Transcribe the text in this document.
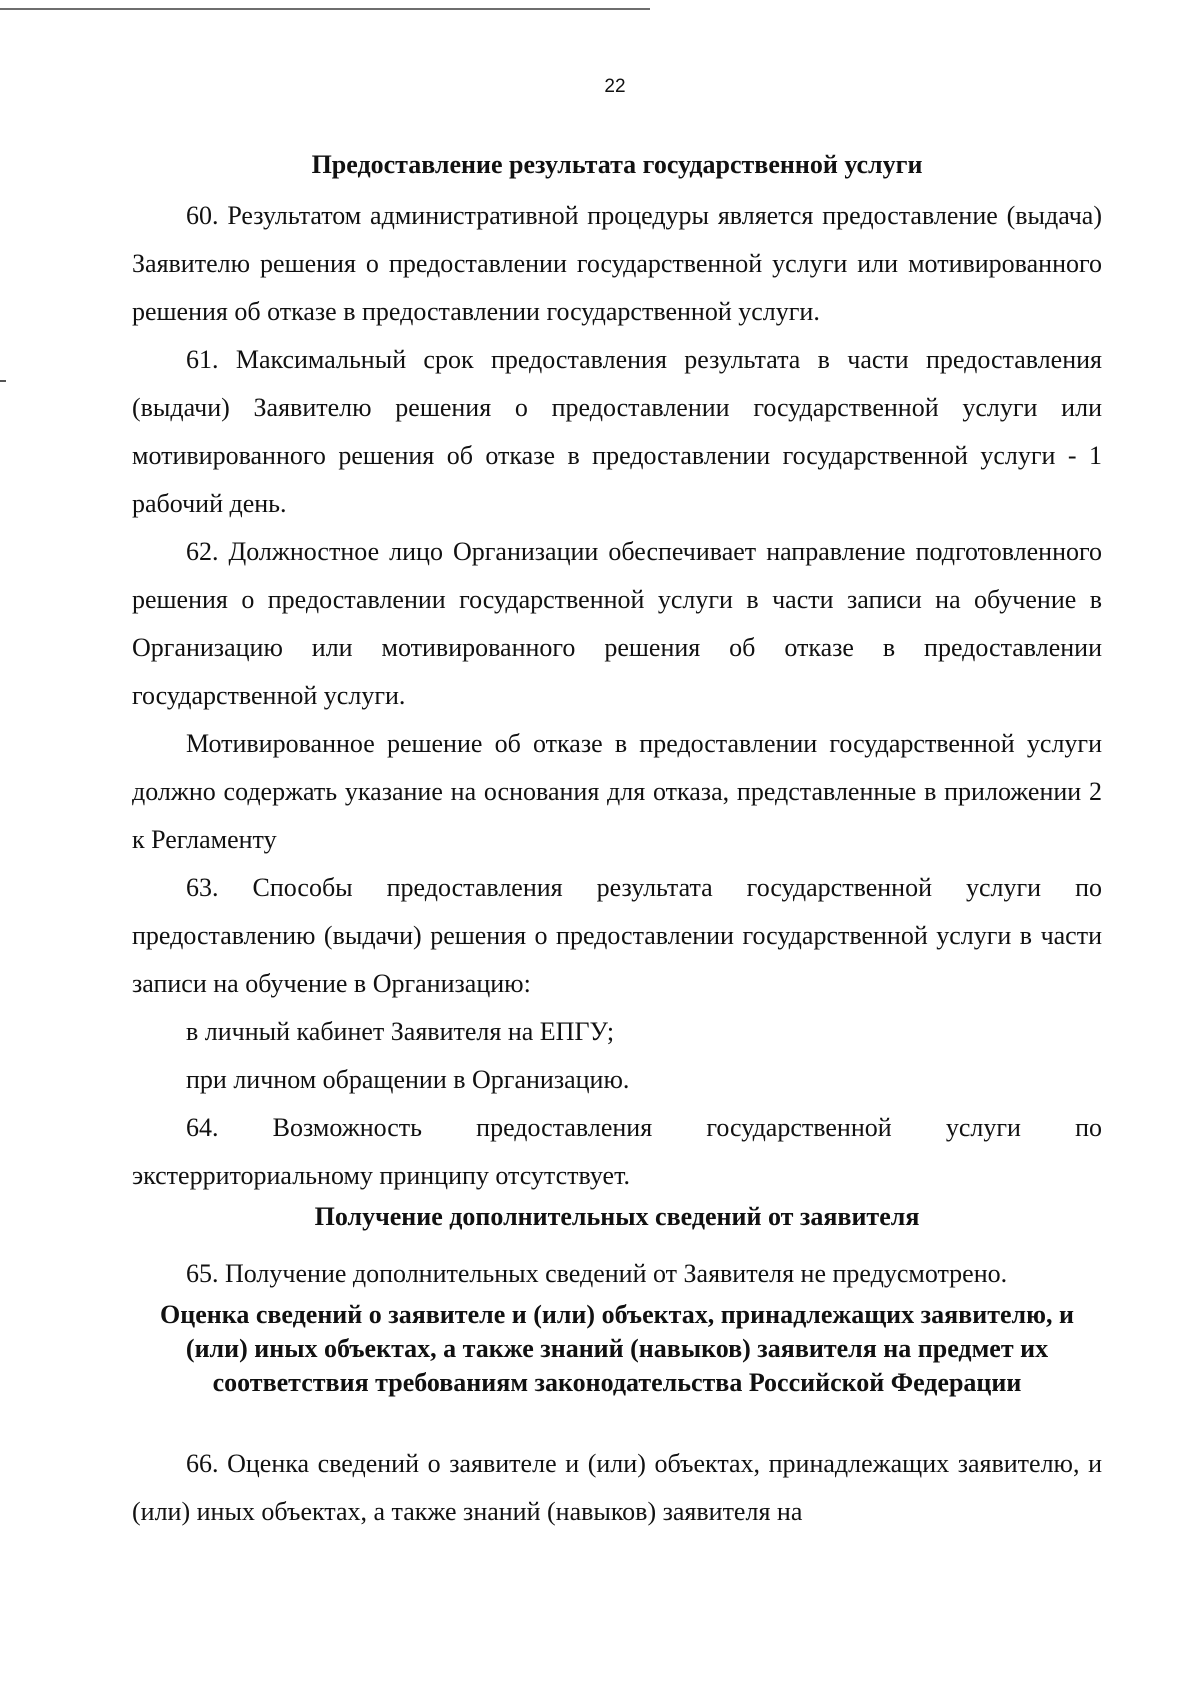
22
Предоставление результата государственной услуги

60. Результатом административной процедуры является предоставление (выдача) Заявителю решения о предоставлении государственной услуги или мотивированного решения об отказе в предоставлении государственной услуги.

61. Максимальный срок предоставления результата в части предоставления (выдачи) Заявителю решения о предоставлении государственной услуги или мотивированного решения об отказе в предоставлении государственной услуги - 1 рабочий день.

62. Должностное лицо Организации обеспечивает направление подготовленного решения о предоставлении государственной услуги в части записи на обучение в Организацию или мотивированного решения об отказе в предоставлении государственной услуги.

Мотивированное решение об отказе в предоставлении государственной услуги должно содержать указание на основания для отказа, представленные в приложении 2 к Регламенту

63. Способы предоставления результата государственной услуги по предоставлению (выдачи) решения о предоставлении государственной услуги в части записи на обучение в Организацию:

в личный кабинет Заявителя на ЕПГУ;

при личном обращении в Организацию.

64. Возможность предоставления государственной услуги по экстерриториальному принципу отсутствует.

Получение дополнительных сведений от заявителя

65. Получение дополнительных сведений от Заявителя не предусмотрено.

Оценка сведений о заявителе и (или) объектах, принадлежащих заявителю, и (или) иных объектах, а также знаний (навыков) заявителя на предмет их соответствия требованиям законодательства Российской Федерации

66. Оценка сведений о заявителе и (или) объектах, принадлежащих заявителю, и (или) иных объектах, а также знаний (навыков) заявителя на
